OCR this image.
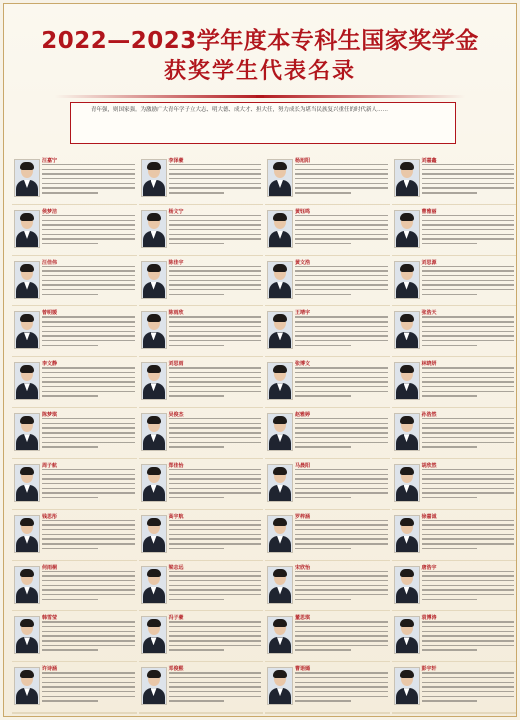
2022—2023学年度本专科生国家奖学金
获奖学生代表名录
青年强，则国家强。为激励广大青年学子立大志、明大德、成大才、担大任，努力成长为堪当民族复兴重任的时代新人……
汪嘉宁	李泽豪	杨旭阳	刘嘉鑫
侯梦洁	杨文宁	黄钰鸣	曹雅丽
汪佳伟	陈佳宇	黄文浩	刘思源
曾明媛	陈雨欣	王靖宇	张浩天
李文静	刘思雨	张博文	林晓妍
陈梦琪	吴俊杰	赵雅婷	孙浩然
周子航	郑佳怡	马晨阳	胡欣然
钱思彤	高宇航	罗梓涵	徐嘉诚
何雨桐	梁志远	宋欣怡	唐浩宇
韩雪莹	冯子豪	董思琪	袁博涛
许诗涵	邓俊熙	曹语嫣	彭宇轩
